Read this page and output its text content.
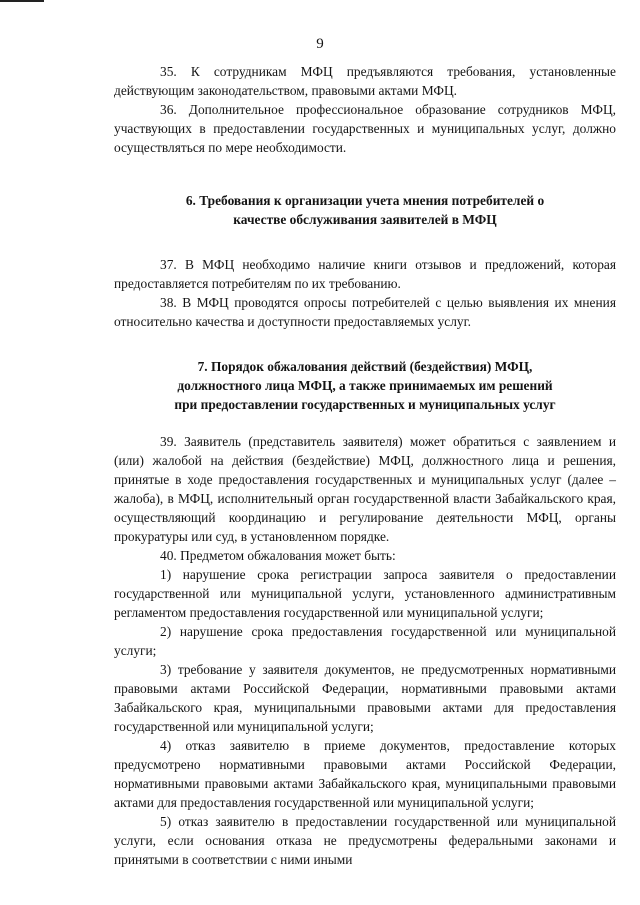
9

35. К сотрудникам МФЦ предъявляются требования, установленные действующим законодательством, правовыми актами МФЦ.

36. Дополнительное профессиональное образование сотрудников МФЦ, участвующих в предоставлении государственных и муниципальных услуг, должно осуществляться по мере необходимости.

6. Требования к организации учета мнения потребителей о

качестве обслуживания заявителей в МФЦ

37. В МФЦ необходимо наличие книги отзывов и предложений, которая предоставляется потребителям по их требованию.

38. В МФЦ проводятся опросы потребителей с целью выявления их мнения относительно качества и доступности предоставляемых услуг.

7. Порядок обжалования действий (бездействия) МФЦ,

должностного лица МФЦ, а также принимаемых им решений

при предоставлении государственных и муниципальных услуг

39. Заявитель (представитель заявителя) может обратиться с заявлением и (или) жалобой на действия (бездействие) МФЦ, должностного лица и решения, принятые в ходе предоставления государственных и муниципальных услуг (далее – жалоба), в МФЦ, исполнительный орган государственной власти Забайкальского края, осуществляющий координацию и регулирование деятельности МФЦ, органы прокуратуры или суд, в установленном порядке.

40. Предметом обжалования может быть:

1) нарушение срока регистрации запроса заявителя о предоставлении государственной или муниципальной услуги, установленного административным регламентом предоставления государственной или муниципальной услуги;

2) нарушение срока предоставления государственной или муниципальной услуги;

3) требование у заявителя документов, не предусмотренных нормативными правовыми актами Российской Федерации, нормативными правовыми актами Забайкальского края, муниципальными правовыми актами для предоставления государственной или муниципальной услуги;

4) отказ заявителю в приеме документов, предоставление которых предусмотрено нормативными правовыми актами Российской Федерации, нормативными правовыми актами Забайкальского края, муниципальными правовыми актами для предоставления государственной или муниципальной услуги;

5) отказ заявителю в предоставлении государственной или муниципальной услуги, если основания отказа не предусмотрены федеральными законами и принятыми в соответствии с ними иными
